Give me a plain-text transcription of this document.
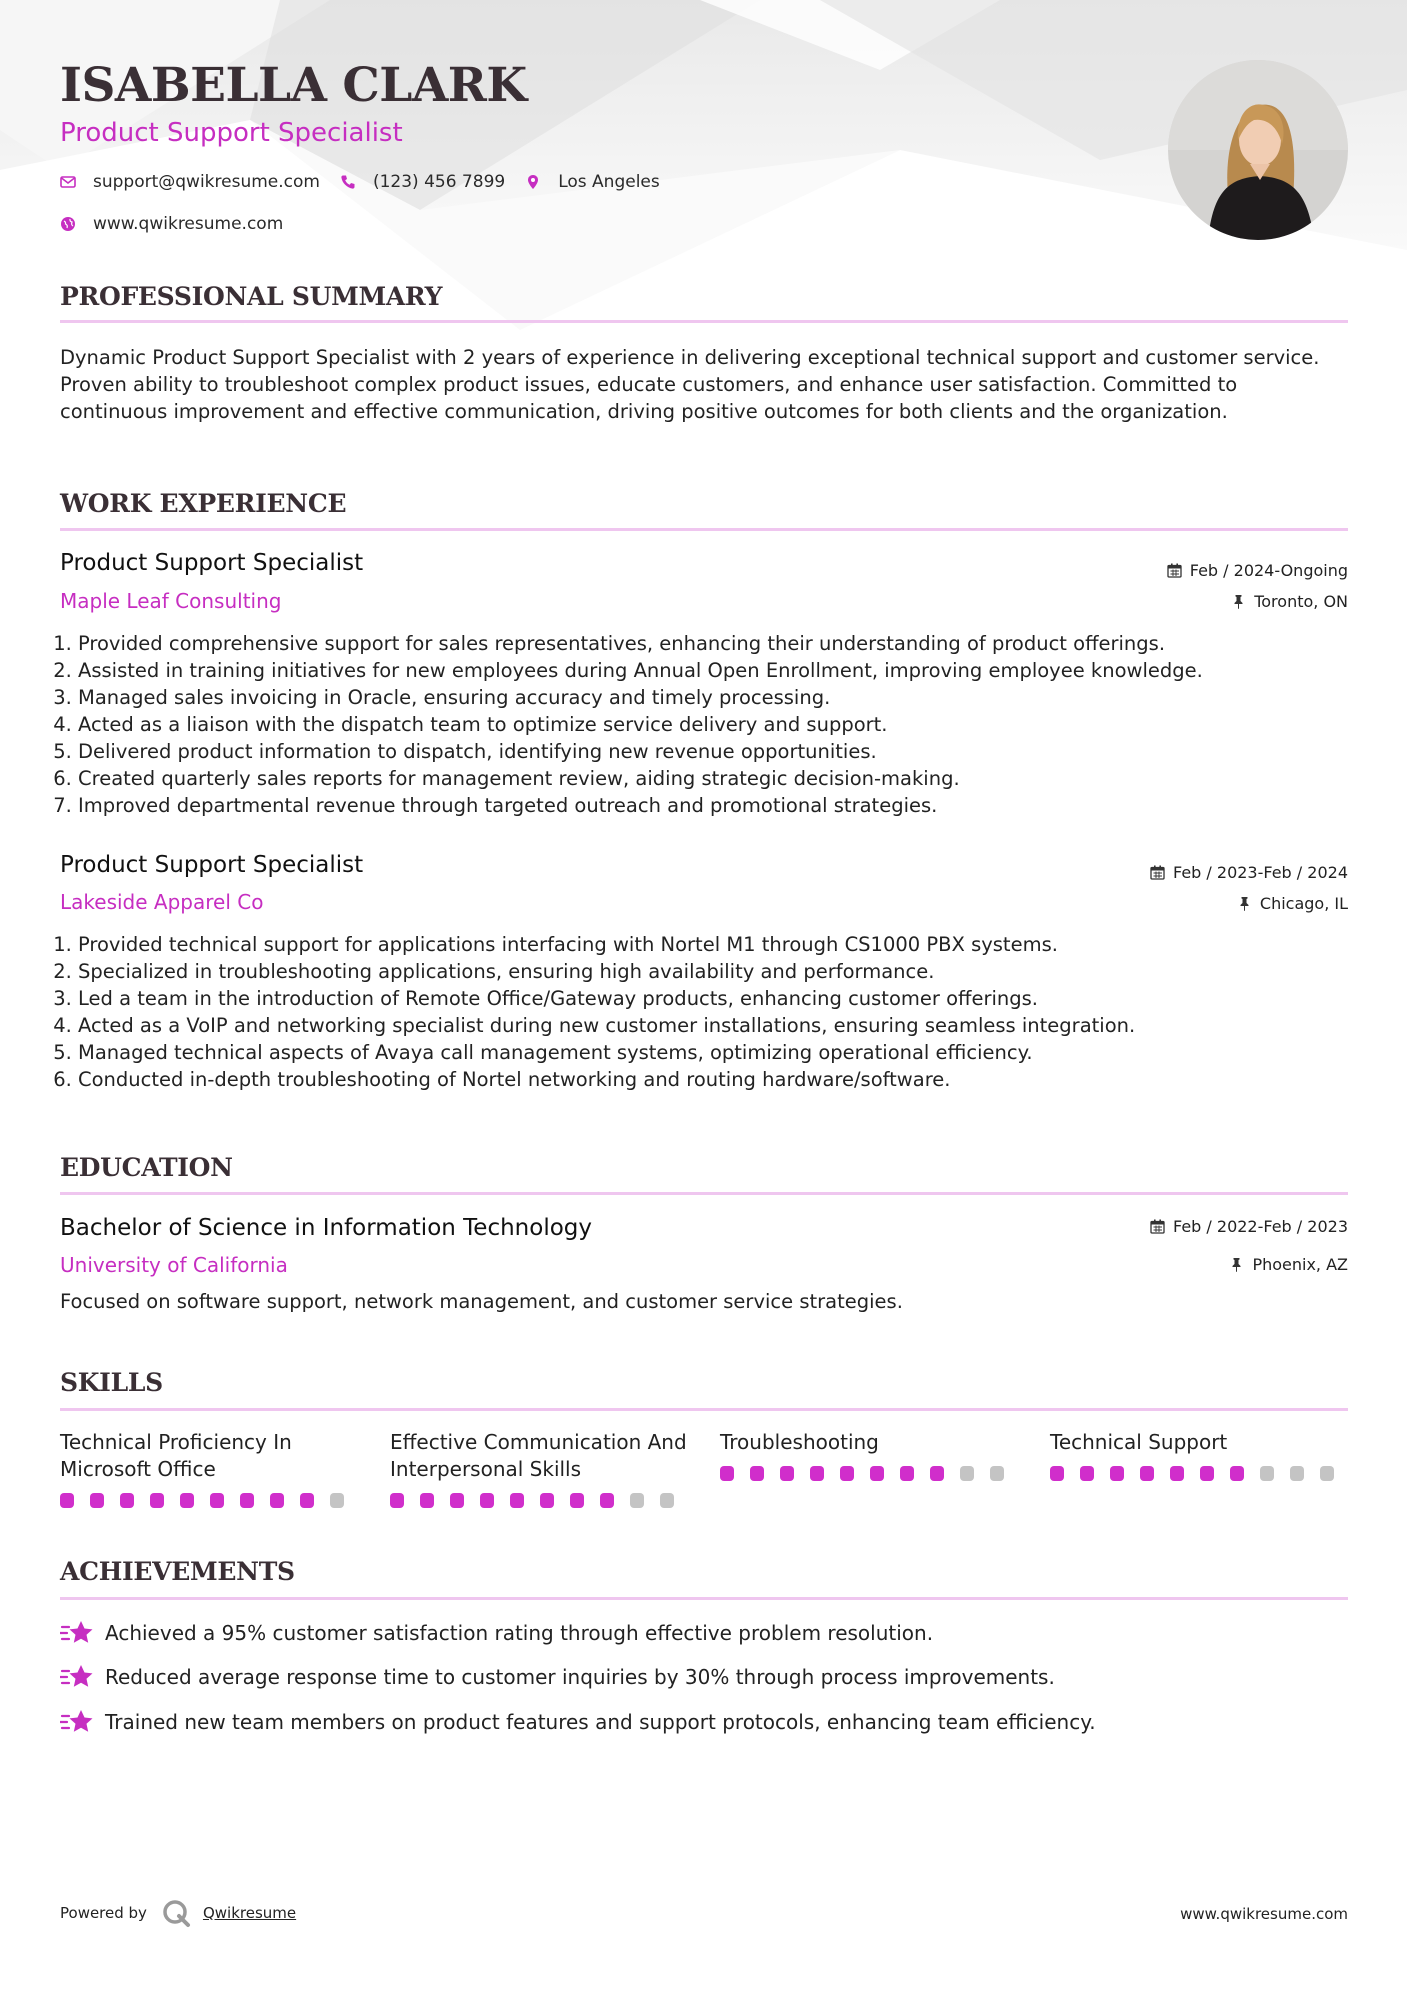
ISABELLA CLARK
Product Support Specialist
support@qwikresume.com	(123) 456 7899	Los Angeles
www.qwikresume.com
PROFESSIONAL SUMMARY

Dynamic Product Support Specialist with 2 years of experience in delivering exceptional technical support and customer service. Proven ability to troubleshoot complex product issues, educate customers, and enhance user satisfaction. Committed to continuous improvement and effective communication, driving positive outcomes for both clients and the organization.

WORK EXPERIENCE
Product Support Specialist
Maple Leaf Consulting
Feb / 2024-Ongoing
Toronto, ON
1. Provided comprehensive support for sales representatives, enhancing their understanding of product offerings.
2. Assisted in training initiatives for new employees during Annual Open Enrollment, improving employee knowledge.
3. Managed sales invoicing in Oracle, ensuring accuracy and timely processing.
4. Acted as a liaison with the dispatch team to optimize service delivery and support.
5. Delivered product information to dispatch, identifying new revenue opportunities.
6. Created quarterly sales reports for management review, aiding strategic decision-making.
7. Improved departmental revenue through targeted outreach and promotional strategies.
Product Support Specialist
Lakeside Apparel Co
Feb / 2023-Feb / 2024
Chicago, IL
1. Provided technical support for applications interfacing with Nortel M1 through CS1000 PBX systems.
2. Specialized in troubleshooting applications, ensuring high availability and performance.
3. Led a team in the introduction of Remote Office/Gateway products, enhancing customer offerings.
4. Acted as a VoIP and networking specialist during new customer installations, ensuring seamless integration.
5. Managed technical aspects of Avaya call management systems, optimizing operational efficiency.
6. Conducted in-depth troubleshooting of Nortel networking and routing hardware/software.
EDUCATION
Bachelor of Science in Information Technology
University of California
Feb / 2022-Feb / 2023
Phoenix, AZ

Focused on software support, network management, and customer service strategies.

SKILLS
Technical Proficiency In Microsoft Office
Effective Communication And Interpersonal Skills
Troubleshooting	Technical Support
ACHIEVEMENTS
Achieved a 95% customer satisfaction rating through effective problem resolution.
Reduced average response time to customer inquiries by 30% through process improvements.
Trained new team members on product features and support protocols, enhancing team efficiency.
Powered by	Qwikresume	www.qwikresume.com
